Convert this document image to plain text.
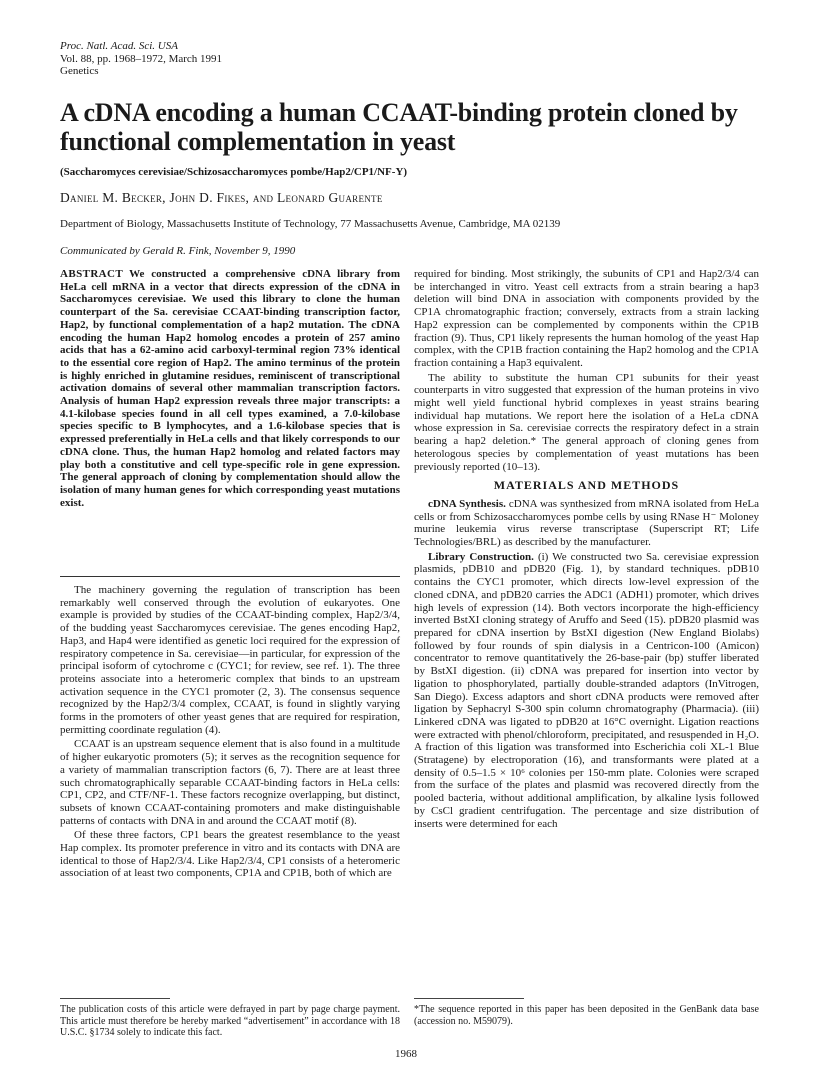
Proc. Natl. Acad. Sci. USA
Vol. 88, pp. 1968–1972, March 1991
Genetics
A cDNA encoding a human CCAAT-binding protein cloned by functional complementation in yeast
(Saccharomyces cerevisiae/Schizosaccharomyces pombe/Hap2/CP1/NF-Y)
Daniel M. Becker, John D. Fikes, and Leonard Guarente
Department of Biology, Massachusetts Institute of Technology, 77 Massachusetts Avenue, Cambridge, MA 02139
Communicated by Gerald R. Fink, November 9, 1990
ABSTRACT We constructed a comprehensive cDNA library from HeLa cell mRNA in a vector that directs expression of the cDNA in Saccharomyces cerevisiae. We used this library to clone the human counterpart of the Sa. cerevisiae CCAAT-binding transcription factor, Hap2, by functional complementation of a hap2 mutation. The cDNA encoding the human Hap2 homolog encodes a protein of 257 amino acids that has a 62-amino acid carboxyl-terminal region 73% identical to the essential core region of Hap2. The amino terminus of the protein is highly enriched in glutamine residues, reminiscent of transcriptional activation domains of several other mammalian transcription factors. Analysis of human Hap2 expression reveals three major transcripts: a 4.1-kilobase species found in all cell types examined, a 7.0-kilobase species specific to B lymphocytes, and a 1.6-kilobase species that is expressed preferentially in HeLa cells and that likely corresponds to our cDNA clone. Thus, the human Hap2 homolog and related factors may play both a constitutive and cell type-specific role in gene expression. The general approach of cloning by complementation should allow the isolation of many human genes for which corresponding yeast mutations exist.

The machinery governing the regulation of transcription has been remarkably well conserved through the evolution of eukaryotes. One example is provided by studies of the CCAAT-binding complex, Hap2/3/4, of the budding yeast Saccharomyces cerevisiae. The genes encoding Hap2, Hap3, and Hap4 were identified as genetic loci required for the expression of respiratory competence in Sa. cerevisiae—in particular, for expression of the principal isoform of cytochrome c (CYC1; for review, see ref. 1). The three proteins associate into a heteromeric complex that binds to an upstream activation sequence in the CYC1 promoter (2, 3). The consensus sequence recognized by the Hap2/3/4 complex, CCAAT, is found in slightly varying forms in the promoters of other yeast genes that are required for respiration, permitting coordinate regulation (4).

CCAAT is an upstream sequence element that is also found in a multitude of higher eukaryotic promoters (5); it serves as the recognition sequence for a variety of mammalian transcription factors (6, 7). There are at least three such chromatographically separable CCAAT-binding factors in HeLa cells: CP1, CP2, and CTF/NF-1. These factors recognize overlapping, but distinct, subsets of known CCAAT-containing promoters and make distinguishable patterns of contacts with DNA in and around the CCAAT motif (8).

Of these three factors, CP1 bears the greatest resemblance to the yeast Hap complex. Its promoter preference in vitro and its contacts with DNA are identical to those of Hap2/3/4. Like Hap2/3/4, CP1 consists of a heteromeric association of at least two components, CP1A and CP1B, both of which are

required for binding. Most strikingly, the subunits of CP1 and Hap2/3/4 can be interchanged in vitro. Yeast cell extracts from a strain bearing a hap3 deletion will bind DNA in association with components provided by the CP1A chromatographic fraction; conversely, extracts from a strain lacking Hap2 expression can be complemented by components within the CP1B fraction (9). Thus, CP1 likely represents the human homolog of the yeast Hap complex, with the CP1B fraction containing the Hap2 homolog and the CP1A fraction containing a Hap3 equivalent.

The ability to substitute the human CP1 subunits for their yeast counterparts in vitro suggested that expression of the human proteins in vivo might well yield functional hybrid complexes in yeast strains bearing individual hap mutations. We report here the isolation of a HeLa cDNA whose expression in Sa. cerevisiae corrects the respiratory defect in a strain bearing a hap2 deletion.* The general approach of cloning genes from heterologous species by complementation of yeast mutations has been previously reported (10–13).

MATERIALS AND METHODS

cDNA Synthesis. cDNA was synthesized from mRNA isolated from HeLa cells or from Schizosaccharomyces pombe cells by using RNase H⁻ Moloney murine leukemia virus reverse transcriptase (Superscript RT; Life Technologies/BRL) as described by the manufacturer.

Library Construction. (i) We constructed two Sa. cerevisiae expression plasmids, pDB10 and pDB20 (Fig. 1), by standard techniques. pDB10 contains the CYC1 promoter, which directs low-level expression of the cloned cDNA, and pDB20 carries the ADC1 (ADH1) promoter, which drives high levels of expression (14). Both vectors incorporate the high-efficiency inverted BstXI cloning strategy of Aruffo and Seed (15). pDB20 plasmid was prepared for cDNA insertion by BstXI digestion (New England Biolabs) followed by four rounds of spin dialysis in a Centricon-100 (Amicon) concentrator to remove quantitatively the 26-base-pair (bp) stuffer liberated by BstXI digestion. (ii) cDNA was prepared for insertion into vector by ligation to phosphorylated, partially double-stranded adaptors (InVitrogen, San Diego). Excess adaptors and short cDNA products were removed after ligation by Sephacryl S-300 spin column chromatography (Pharmacia). (iii) Linkered cDNA was ligated to pDB20 at 16°C overnight. Ligation reactions were extracted with phenol/chloroform, precipitated, and resuspended in H₂O. A fraction of this ligation was transformed into Escherichia coli XL-1 Blue (Stratagene) by electroporation (16), and transformants were plated at a density of 0.5–1.5 × 10⁶ colonies per 150-mm plate. Colonies were scraped from the surface of the plates and plasmid was recovered directly from the pooled bacteria, without additional amplification, by alkaline lysis followed by CsCl gradient centrifugation. The percentage and size distribution of inserts were determined for each

The publication costs of this article were defrayed in part by page charge payment. This article must therefore be hereby marked “advertisement” in accordance with 18 U.S.C. §1734 solely to indicate this fact.
*The sequence reported in this paper has been deposited in the GenBank data base (accession no. M59079).
1968
